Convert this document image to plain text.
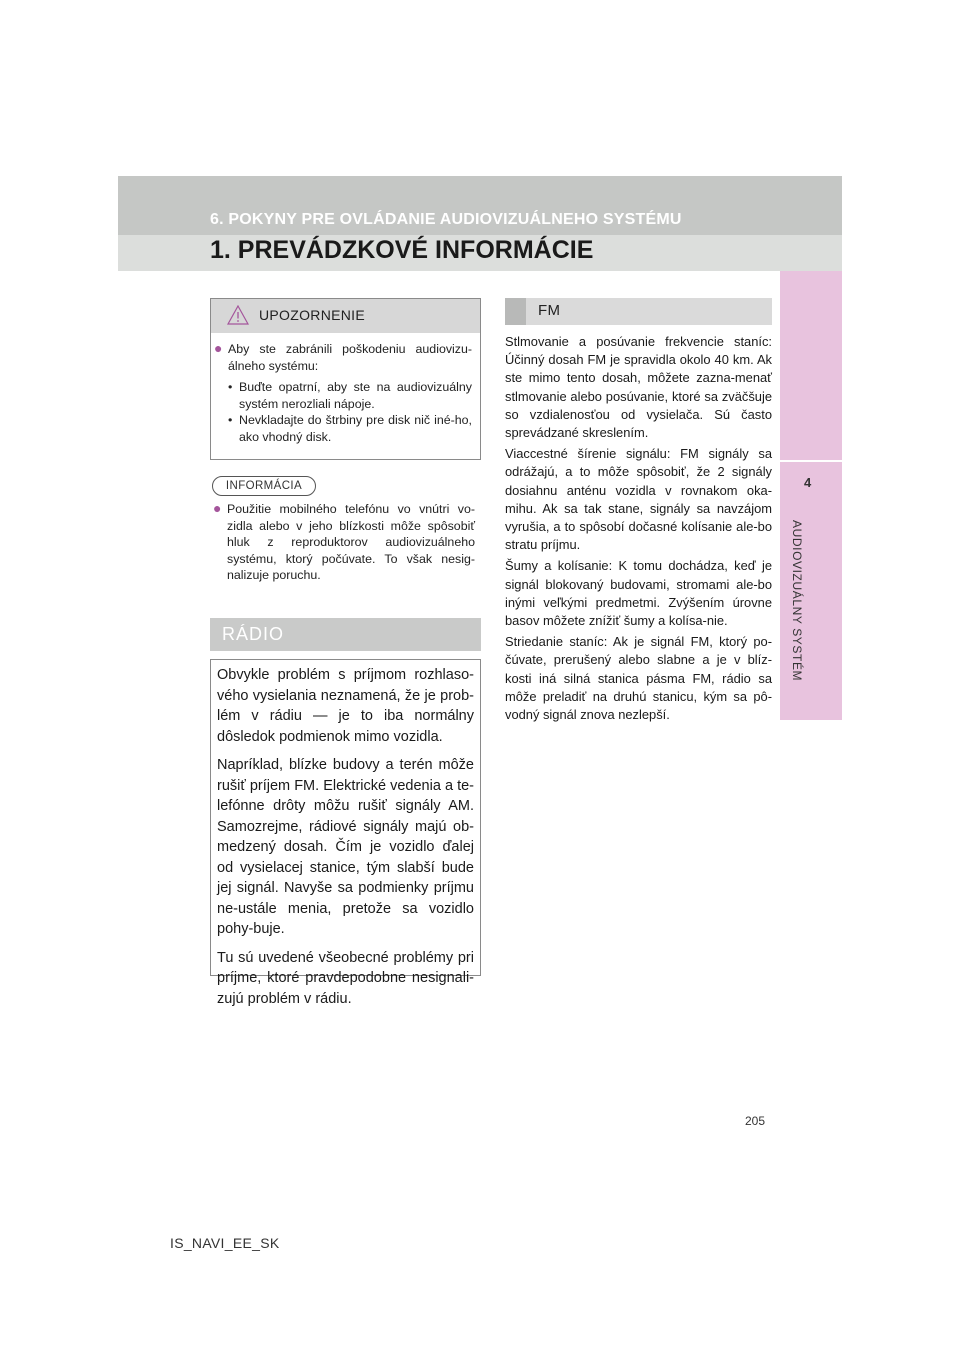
6. POKYNY PRE OVLÁDANIE AUDIOVIZUÁLNEHO SYSTÉMU
1. PREVÁDZKOVÉ INFORMÁCIE
4
AUDIOVIZUÁLNY SYSTÉM
UPOZORNENIE
● Aby ste zabránili poškodeniu audiovizu-álneho systému:
• Buďte opatrní, aby ste na audiovizuálny systém nerozliali nápoje.
• Nevkladajte do štrbiny pre disk nič iné-ho, ako vhodný disk.
INFORMÁCIA
● Použitie mobilného telefónu vo vnútri vo-zidla alebo v jeho blízkosti môže spôsobiť hluk z reproduktorov audiovizuálneho systému, ktorý počúvate. To však nesig-nalizuje poruchu.
RÁDIO

Obvykle problém s príjmom rozhlaso-vého vysielania neznamená, že je prob-lém v rádiu — je to iba normálny dôsledok podmienok mimo vozidla.

Napríklad, blízke budovy a terén môže rušiť príjem FM. Elektrické vedenia a te-lefónne drôty môžu rušiť signály AM. Samozrejme, rádiové signály majú ob-medzený dosah. Čím je vozidlo ďalej od vysielacej stanice, tým slabší bude jej signál. Navyše sa podmienky príjmu ne-ustále menia, pretože sa vozidlo pohy-buje.

Tu sú uvedené všeobecné problémy pri príjme, ktoré pravdepodobne nesignali-zujú problém v rádiu.

FM

Stlmovanie a posúvanie frekvencie staníc: Účinný dosah FM je spravidla okolo 40 km. Ak ste mimo tento dosah, môžete zazna-menať stlmovanie alebo posúvanie, ktoré sa zväčšuje so vzdialenosťou od vysielača. Sú často sprevádzané skreslením.

Viaccestné šírenie signálu: FM signály sa odrážajú, a to môže spôsobiť, že 2 signály dosiahnu anténu vozidla v rovnakom oka-mihu. Ak sa tak stane, signály sa navzájom vyrušia, a to spôsobí dočasné kolísanie ale-bo stratu príjmu.

Šumy a kolísanie: K tomu dochádza, keď je signál blokovaný budovami, stromami ale-bo inými veľkými predmetmi. Zvýšením úrovne basov môžete znížiť šumy a kolísa-nie.

Striedanie staníc: Ak je signál FM, ktorý po-čúvate, prerušený alebo slabne a je v blíz-kosti iná silná stanica pásma FM, rádio sa môže preladiť na druhú stanicu, kým sa pô-vodný signál znova nezlepší.

205
IS_NAVI_EE_SK
